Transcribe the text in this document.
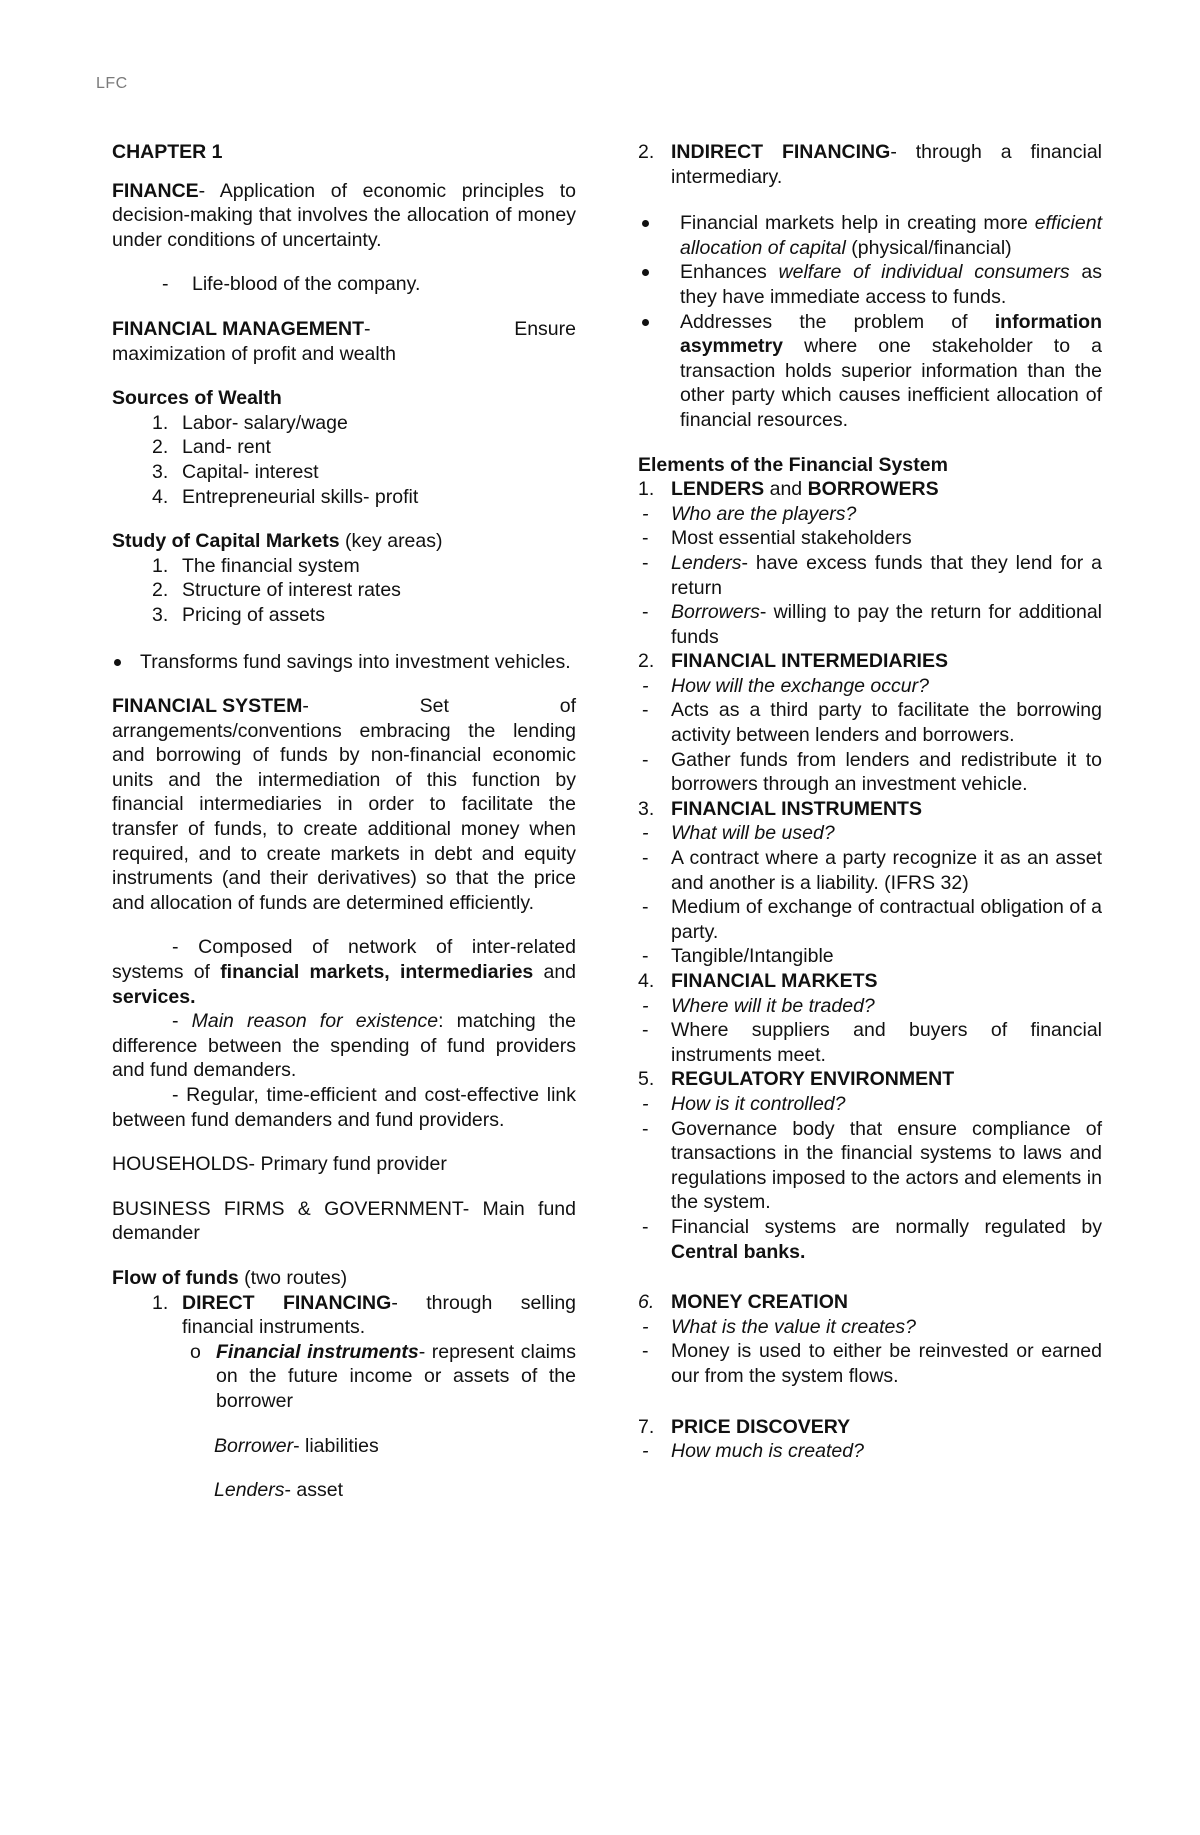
LFC

CHAPTER 1

FINANCE- Application of economic principles to decision-making that involves the allocation of money under conditions of uncertainty.

- Life-blood of the company.

FINANCIAL MANAGEMENT-	Ensure

maximization of profit and wealth

Sources of Wealth

1. Labor- salary/wage
2. Land- rent
3. Capital- interest
4. Entrepreneurial skills- profit

Study of Capital Markets (key areas)

1. The financial system
2. Structure of interest rates
3. Pricing of assets
Transforms fund savings into investment vehicles.
FINANCIAL SYSTEM-	Set	of

arrangements/conventions embracing the lending and borrowing of funds by non-financial economic units and the intermediation of this function by financial intermediaries in order to facilitate the transfer of funds, to create additional money when required, and to create markets in debt and equity instruments (and their derivatives) so that the price and allocation of funds are determined efficiently.

- Composed of network of inter-related systems of financial markets, intermediaries and services.

- Main reason for existence: matching the difference between the spending of fund providers and fund demanders.

- Regular, time-efficient and cost-effective link between fund demanders and fund providers.

HOUSEHOLDS- Primary fund provider

BUSINESS FIRMS & GOVERNMENT- Main fund demander

Flow of funds (two routes)

1. DIRECT FINANCING- through selling financial instruments.
o Financial instruments- represent claims on the future income or assets of the borrower

Borrower- liabilities

Lenders- asset

2. INDIRECT FINANCING- through a financial intermediary.
Financial markets help in creating more efficient allocation of capital (physical/financial)
Enhances welfare of individual consumers as they have immediate access to funds.
Addresses the problem of information asymmetry where one stakeholder to a transaction holds superior information than the other party which causes inefficient allocation of financial resources.

Elements of the Financial System

1. LENDERS and BORROWERS
- Who are the players?
- Most essential stakeholders
- Lenders- have excess funds that they lend for a return
- Borrowers- willing to pay the return for additional funds
2. FINANCIAL INTERMEDIARIES
- How will the exchange occur?
- Acts as a third party to facilitate the borrowing activity between lenders and borrowers.
- Gather funds from lenders and redistribute it to borrowers through an investment vehicle.
3. FINANCIAL INSTRUMENTS
- What will be used?
- A contract where a party recognize it as an asset and another is a liability. (IFRS 32)
- Medium of exchange of contractual obligation of a party.
- Tangible/Intangible
4. FINANCIAL MARKETS
- Where will it be traded?
- Where suppliers and buyers of financial instruments meet.
5. REGULATORY ENVIRONMENT
- How is it controlled?
- Governance body that ensure compliance of transactions in the financial systems to laws and regulations imposed to the actors and elements in the system.
- Financial systems are normally regulated by Central banks.
6. MONEY CREATION
- What is the value it creates?
- Money is used to either be reinvested or earned our from the system flows.
7. PRICE DISCOVERY
- How much is created?
